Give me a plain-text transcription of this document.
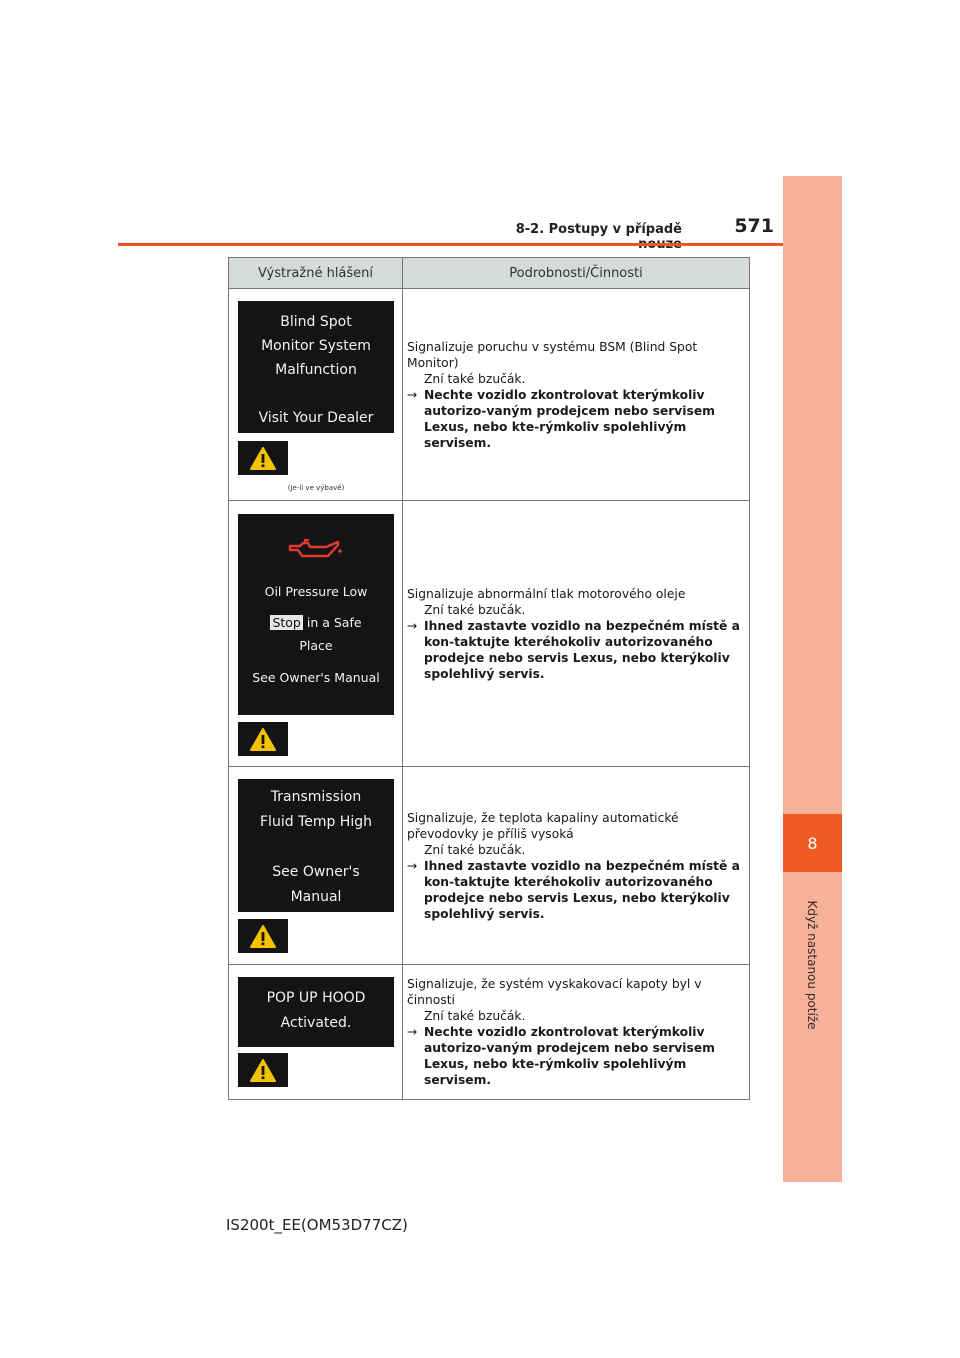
8-2. Postupy v případě	571
8
Když nastanou potíže
Výstražné hlášení	Podrobnosti/Činnosti
Blind Spot
Monitor System
Malfunction
Visit Your Dealer
(Je-li ve výbavě)
Signalizuje poruchu v systému BSM (Blind Spot Monitor)
Zní také bzučák.
→ Nechte vozidlo zkontrolovat kterýmkoliv autorizo-vaným prodejcem nebo servisem Lexus, nebo kte-rýmkoliv spolehlivým servisem.
Oil Pressure Low
Stop in a Safe
Place
See Owner's Manual
Signalizuje abnormální tlak motorového oleje
Zní také bzučák.
→ Ihned zastavte vozidlo na bezpečném místě a kon-taktujte kteréhokoliv autorizovaného prodejce nebo servis Lexus, nebo kterýkoliv spolehlivý servis.
Transmission
Fluid Temp High
See Owner's
Manual
Signalizuje, že teplota kapaliny automatické převodovky je příliš vysoká
Zní také bzučák.
→ Ihned zastavte vozidlo na bezpečném místě a kon-taktujte kteréhokoliv autorizovaného prodejce nebo servis Lexus, nebo kterýkoliv spolehlivý servis.
POP UP HOOD
Activated.
Signalizuje, že systém vyskakovací kapoty byl v činnosti
Zní také bzučák.
→ Nechte vozidlo zkontrolovat kterýmkoliv autorizo-vaným prodejcem nebo servisem Lexus, nebo kte-rýmkoliv spolehlivým servisem.
IS200t_EE(OM53D77CZ)
